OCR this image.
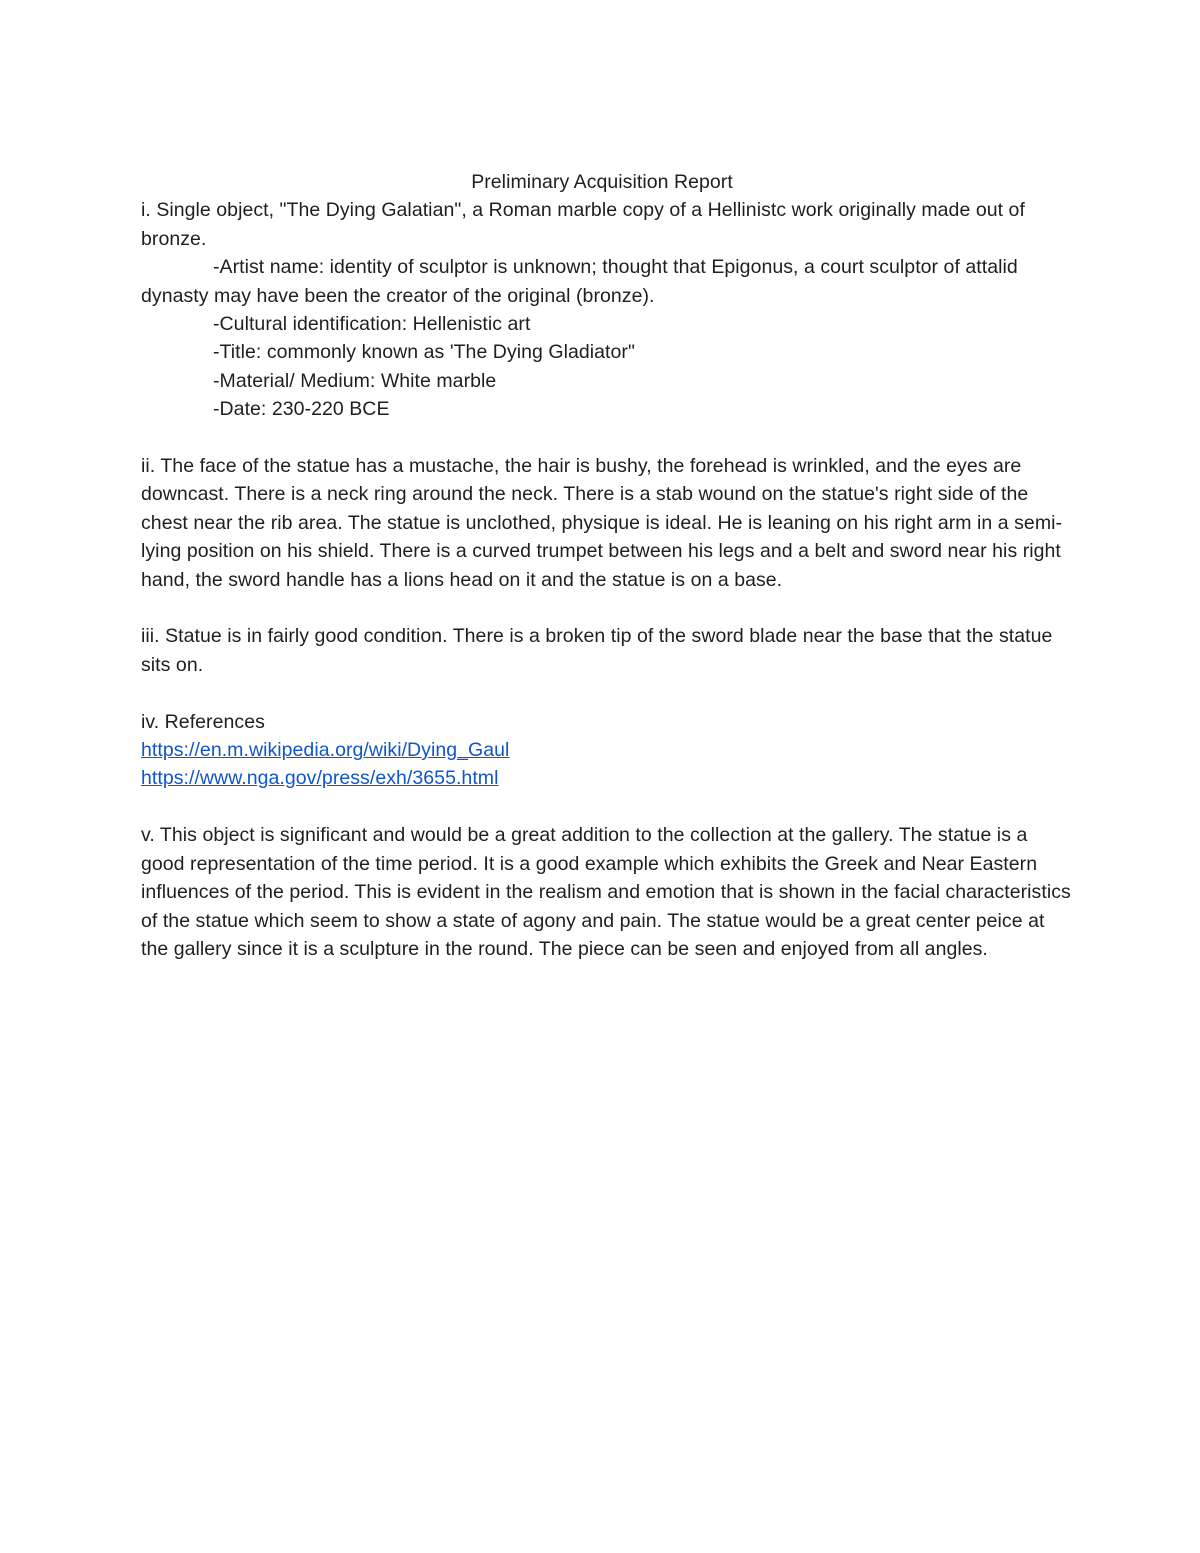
Preliminary Acquisition Report

i. Single object, "The Dying Galatian", a Roman marble copy of a Hellinistc work originally made out of bronze.

-Artist name: identity of sculptor is unknown; thought that Epigonus, a court sculptor of attalid dynasty may have been the creator of the original (bronze).

-Cultural identification: Hellenistic art

-Title: commonly known as 'The Dying Gladiator"

-Material/ Medium: White marble

-Date: 230-220 BCE

ii. The face of the statue has a mustache, the hair is bushy, the forehead is wrinkled, and the eyes are downcast. There is a neck ring around the neck. There is a stab wound on the statue's right side of the chest near the rib area. The statue is unclothed, physique is ideal. He is leaning on his right arm in a semi-lying position on his shield. There is a curved trumpet between his legs and a belt and sword near his right hand, the sword handle has a lions head on it and the statue is on a base.

iii. Statue is in fairly good condition. There is a broken tip of the sword blade near the base that the statue sits on.

iv. References

https://en.m.wikipedia.org/wiki/Dying_Gaul
https://www.nga.gov/press/exh/3655.html

v. This object is significant and would be a great addition to the collection at the gallery. The statue is a good representation of the time period. It is a good example which exhibits the Greek and Near Eastern influences of the period. This is evident in the realism and emotion that is shown in the facial characteristics of the statue which seem to show a state of agony and pain. The statue would be a great center peice at the gallery since it is a sculpture in the round. The piece can be seen and enjoyed from all angles.
